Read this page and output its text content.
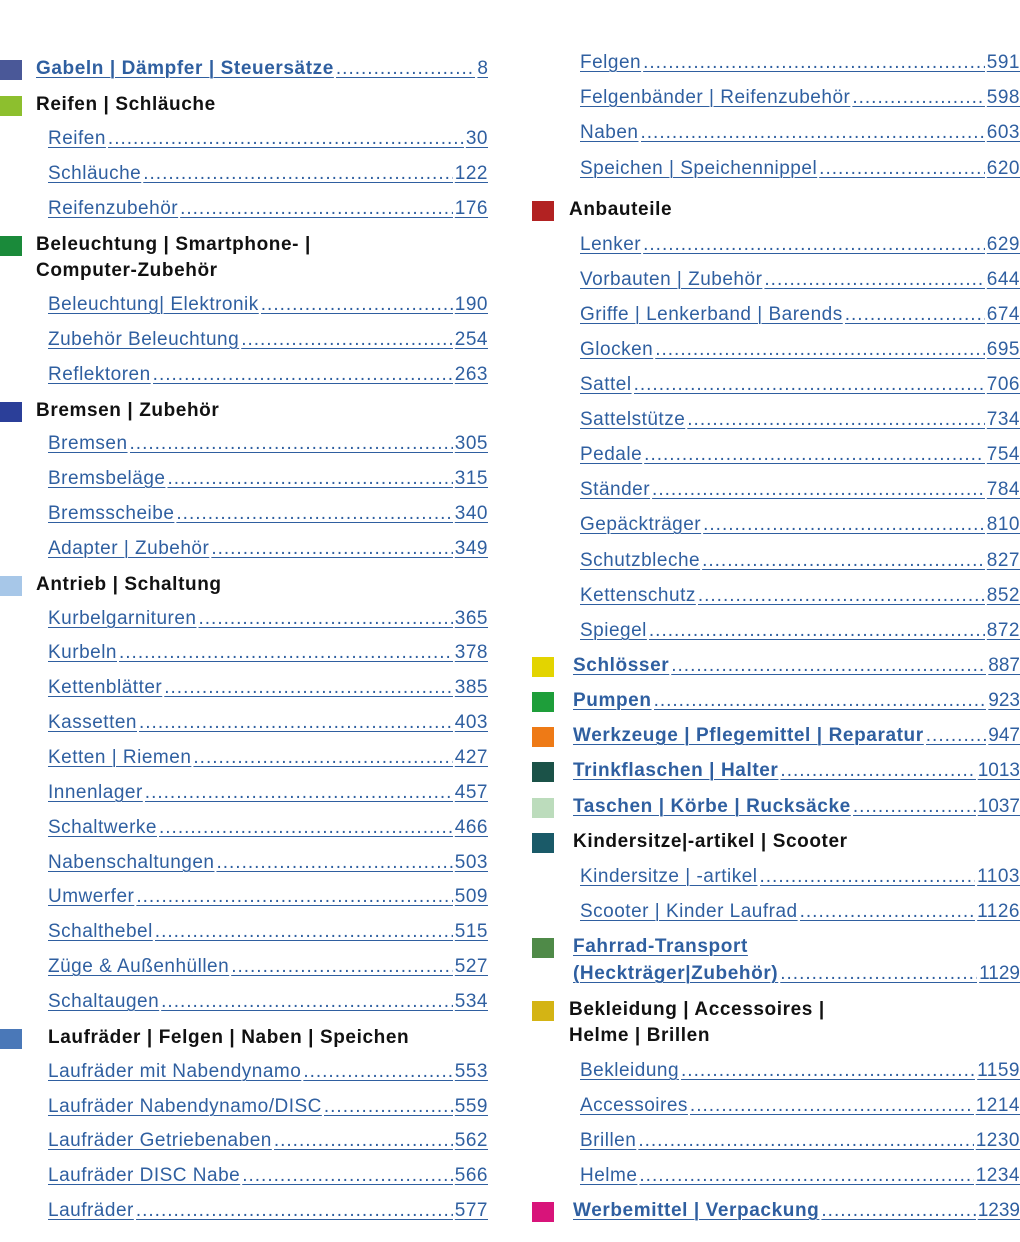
Gabeln | Dämpfer | Steuersätze .....	8
Reifen | Schläuche
Reifen .....	30
Schläuche .....	122
Reifenzubehör .....	176
Beleuchtung | Smartphone- |
Computer-Zubehör
Beleuchtung| Elektronik .....	190
Zubehör Beleuchtung .....	254
Reflektoren .....	263
Bremsen | Zubehör
Bremsen .....	305
Bremsbeläge .....	315
Bremsscheibe .....	340
Adapter | Zubehör .....	349
Antrieb | Schaltung
Kurbelgarnituren .....	365
Kurbeln .....	378
Kettenblätter .....	385
Kassetten .....	403
Ketten | Riemen .....	427
Innenlager .....	457
Schaltwerke .....	466
Nabenschaltungen .....	503
Umwerfer .....	509
Schalthebel .....	515
Züge & Außenhüllen .....	527
Schaltaugen .....	534
Laufräder | Felgen | Naben | Speichen
Laufräder mit Nabendynamo .....	553
Laufräder Nabendynamo/DISC .....	559
Laufräder Getriebenaben .....	562
Laufräder DISC Nabe .....	566
Laufräder .....	577
Felgen .....	591
Felgenbänder | Reifenzubehör .....	598
Naben .....	603
Speichen | Speichennippel .....	620
Anbauteile
Lenker .....	629
Vorbauten | Zubehör .....	644
Griffe | Lenkerband | Barends .....	674
Glocken .....	695
Sattel .....	706
Sattelstütze .....	734
Pedale .....	754
Ständer .....	784
Gepäckträger .....	810
Schutzbleche .....	827
Kettenschutz .....	852
Spiegel .....	872
Schlösser .....	887
Pumpen .....	923
Werkzeuge | Pflegemittel | Reparatur .....	947
Trinkflaschen | Halter .....	1013
Taschen | Körbe | Rucksäcke .....	1037
Kindersitze|-artikel | Scooter
Kindersitze | -artikel .....	1103
Scooter | Kinder Laufrad .....	1126
Fahrrad-Transport
(Heckträger|Zubehör) .....	1129
Bekleidung | Accessoires |
Helme | Brillen
Bekleidung .....	1159
Accessoires .....	1214
Brillen .....	1230
Helme .....	1234
Werbemittel | Verpackung .....	1239
